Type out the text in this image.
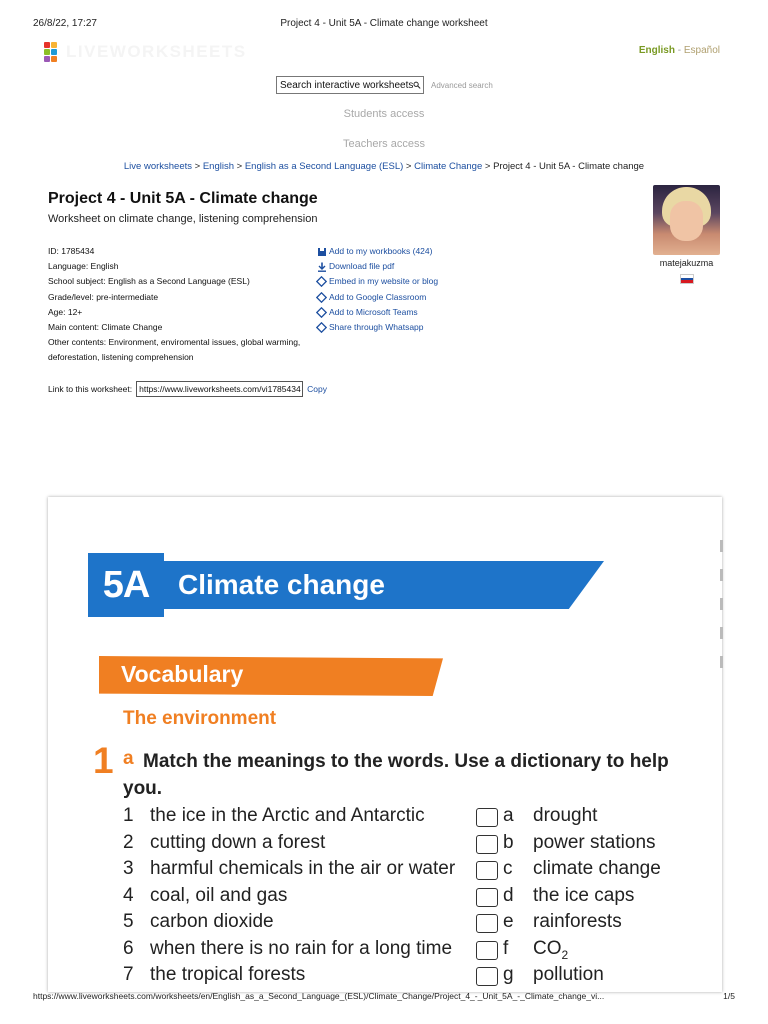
26/8/22, 17:27	Project 4 - Unit 5A - Climate change worksheet
LIVEWORKSHEETS	English - Español
Search interactive worksheets Advanced search
Students access
Teachers access
Live worksheets > English > English as a Second Language (ESL) > Climate Change > Project 4 - Unit 5A - Climate change
Project 4 - Unit 5A - Climate change
Worksheet on climate change, listening comprehension
matejakuzma
ID: 1785434
Language: English
School subject: English as a Second Language (ESL)
Grade/level: pre-intermediate
Age: 12+
Main content: Climate Change
Other contents: Environment, enviromental issues, global warming, deforestation, listening comprehension
Add to my workbooks (424)
Download file pdf
Embed in my website or blog
Add to Google Classroom
Add to Microsoft Teams
Share through Whatsapp
Link to this worksheet: https://www.liveworksheets.com/vi1785434 Copy
5A	Climate change
Vocabulary
The environment
1 a Match the meanings to the words. Use a dictionary to help you.
1 the ice in the Arctic and Antarctic	a drought
2 cutting down a forest	b power stations
3 harmful chemicals in the air or water	c climate change
4 coal, oil and gas	d the ice caps
5 carbon dioxide	e rainforests
6 when there is no rain for a long time	f $CO_2$
7 the tropical forests	g pollution
https://www.liveworksheets.com/worksheets/en/English_as_a_Second_Language_(ESL)/Climate_Change/Project_4_-_Unit_5A_-_Climate_change_vi...	1/5
